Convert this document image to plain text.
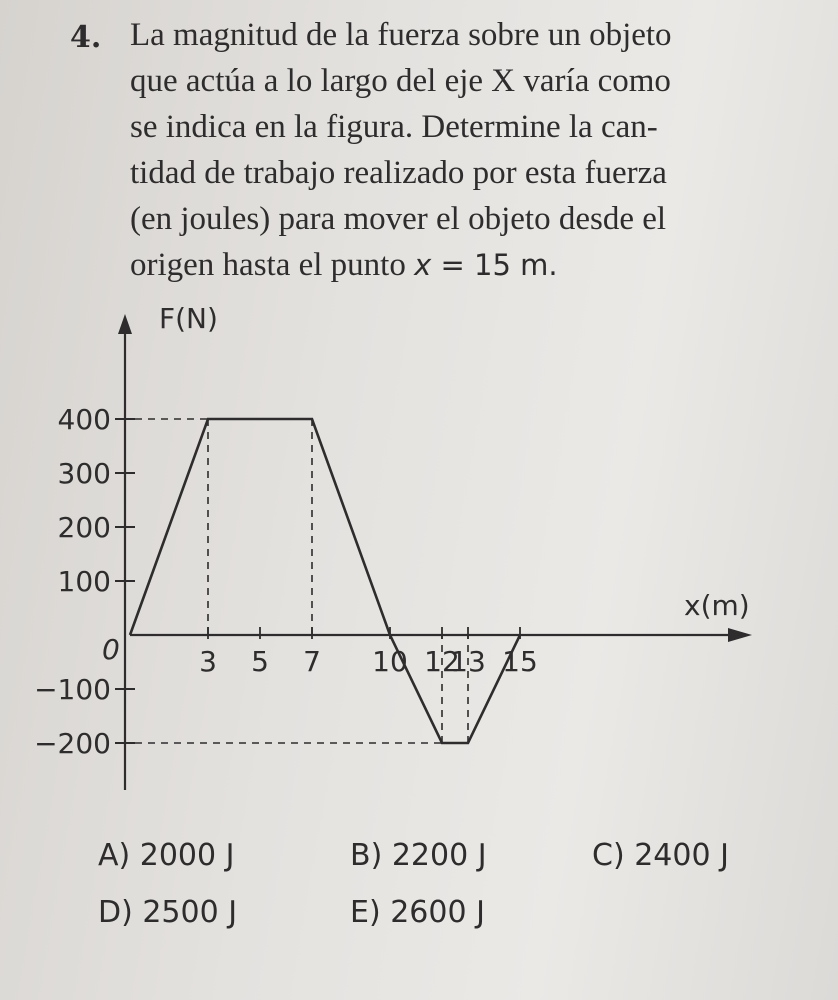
4. La magnitud de la fuerza sobre un objeto
que actúa a lo largo del eje X varía como
se indica en la figura. Determine la can-
tidad de trabajo realizado por esta fuerza
(en joules) para mover el objeto desde el
origen hasta el punto x = 15 m.
400
300
200
100
−100
−200
3 5 7 10 12
13 15
0
F(N)
x(m)
A) 2000 J	B) 2200 J	C) 2400 J
D) 2500 J	E) 2600 J
